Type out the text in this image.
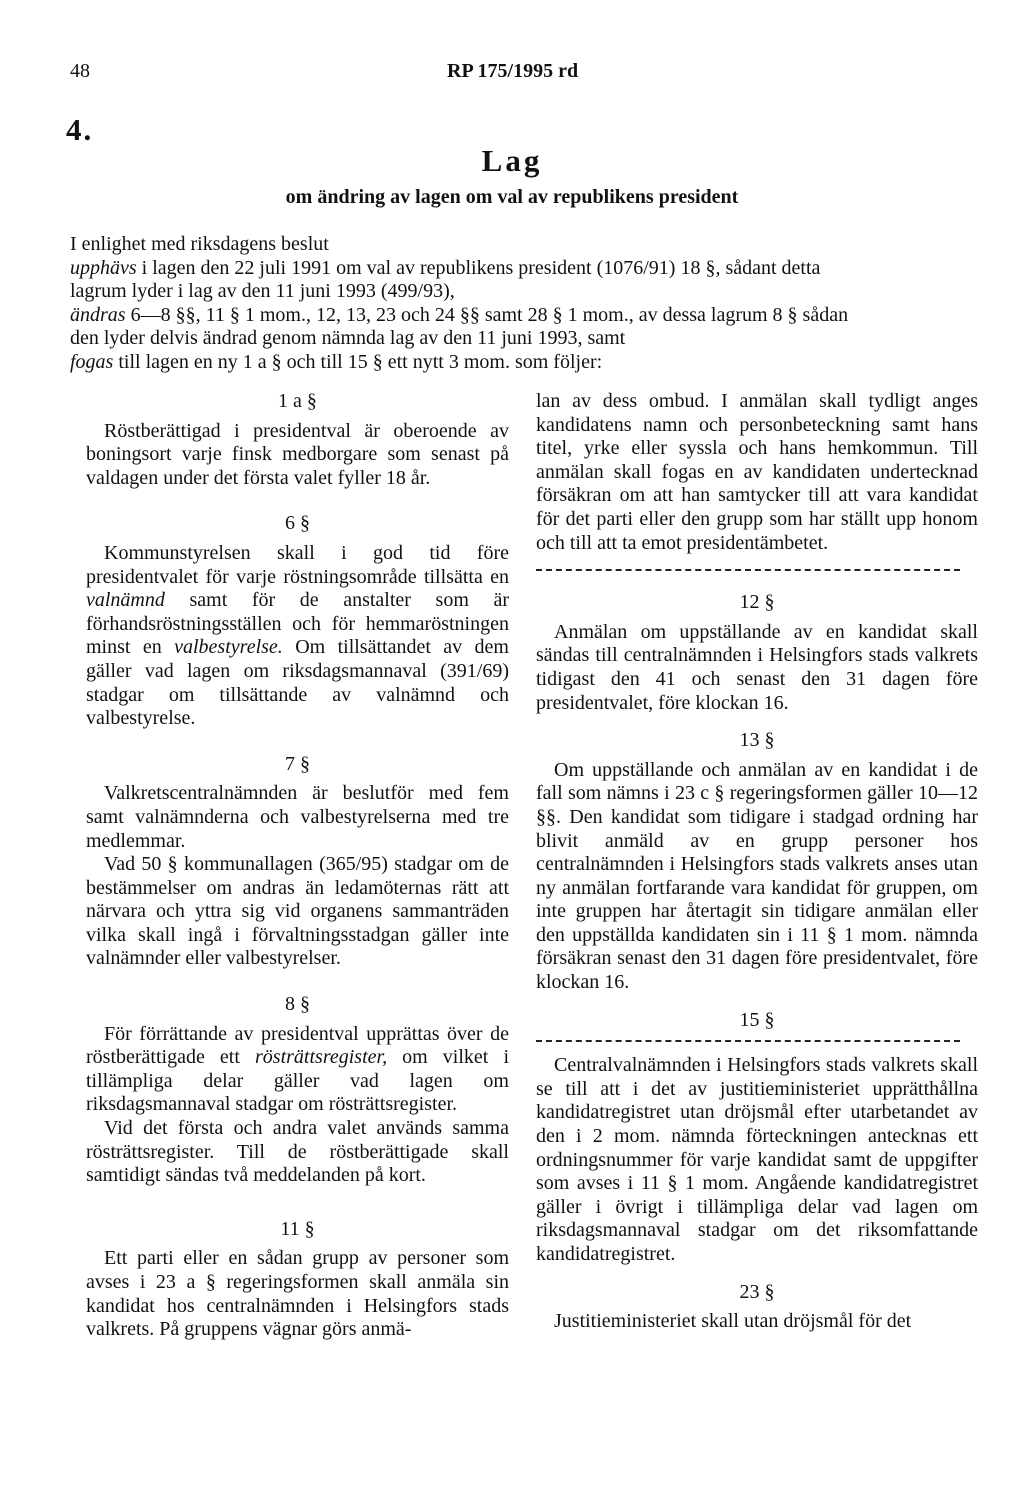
48	RP 175/1995 rd
4.
Lag
om ändring av lagen om val av republikens president
I enlighet med riksdagens beslut
upphävs i lagen den 22 juli 1991 om val av republikens president (1076/91) 18 §, sådant detta
lagrum lyder i lag av den 11 juni 1993 (499/93),
ändras 6—8 §§, 11 § 1 mom., 12, 13, 23 och 24 §§ samt 28 § 1 mom., av dessa lagrum 8 § sådan
den lyder delvis ändrad genom nämnda lag av den 11 juni 1993, samt
fogas till lagen en ny 1 a § och till 15 § ett nytt 3 mom. som följer:
1 a §

Röstberättigad i presidentval är oberoende av boningsort varje finsk medborgare som senast på valdagen under det första valet fyller 18 år.

6 §

Kommunstyrelsen skall i god tid före presidentvalet för varje röstningsområde tillsätta en valnämnd samt för de anstalter som är förhandsröstningsställen och för hemmaröstningen minst en valbestyrelse. Om tillsättandet av dem gäller vad lagen om riksdagsmannaval (391/69) stadgar om tillsättande av valnämnd och valbestyrelse.

7 §

Valkretscentralnämnden är beslutför med fem samt valnämnderna och valbestyrelserna med tre medlemmar.

Vad 50 § kommunallagen (365/95) stadgar om de bestämmelser om andras än ledamöternas rätt att närvara och yttra sig vid organens sammanträden vilka skall ingå i förvaltningsstadgan gäller inte valnämnder eller valbestyrelser.

8 §

För förrättande av presidentval upprättas över de röstberättigade ett rösträttsregister, om vilket i tillämpliga delar gäller vad lagen om riksdagsmannaval stadgar om rösträttsregister.

Vid det första och andra valet används samma rösträttsregister. Till de röstberättigade skall samtidigt sändas två meddelanden på kort.

11 §

Ett parti eller en sådan grupp av personer som avses i 23 a § regeringsformen skall anmäla sin kandidat hos centralnämnden i Helsingfors stads valkrets. På gruppens vägnar görs anmä-

lan av dess ombud. I anmälan skall tydligt anges kandidatens namn och personbeteckning samt hans titel, yrke eller syssla och hans hemkommun. Till anmälan skall fogas en av kandidaten undertecknad försäkran om att han samtycker till att vara kandidat för det parti eller den grupp som har ställt upp honom och till att ta emot presidentämbetet.

12 §

Anmälan om uppställande av en kandidat skall sändas till centralnämnden i Helsingfors stads valkrets tidigast den 41 och senast den 31 dagen före presidentvalet, före klockan 16.

13 §

Om uppställande och anmälan av en kandidat i de fall som nämns i 23 c § regeringsformen gäller 10—12 §§. Den kandidat som tidigare i stadgad ordning har blivit anmäld av en grupp personer hos centralnämnden i Helsingfors stads valkrets anses utan ny anmälan fortfarande vara kandidat för gruppen, om inte gruppen har återtagit sin tidigare anmälan eller den uppställda kandidaten sin i 11 § 1 mom. nämnda försäkran senast den 31 dagen före presidentvalet, före klockan 16.

15 §

Centralvalnämnden i Helsingfors stads valkrets skall se till att i det av justitieministeriet upprätthållna kandidatregistret utan dröjsmål efter utarbetandet av den i 2 mom. nämnda förteckningen antecknas ett ordningsnummer för varje kandidat samt de uppgifter som avses i 11 § 1 mom. Angående kandidatregistret gäller i övrigt i tillämpliga delar vad lagen om riksdagsmannaval stadgar om det riksomfattande kandidatregistret.

23 §

Justitieministeriet skall utan dröjsmål för det
